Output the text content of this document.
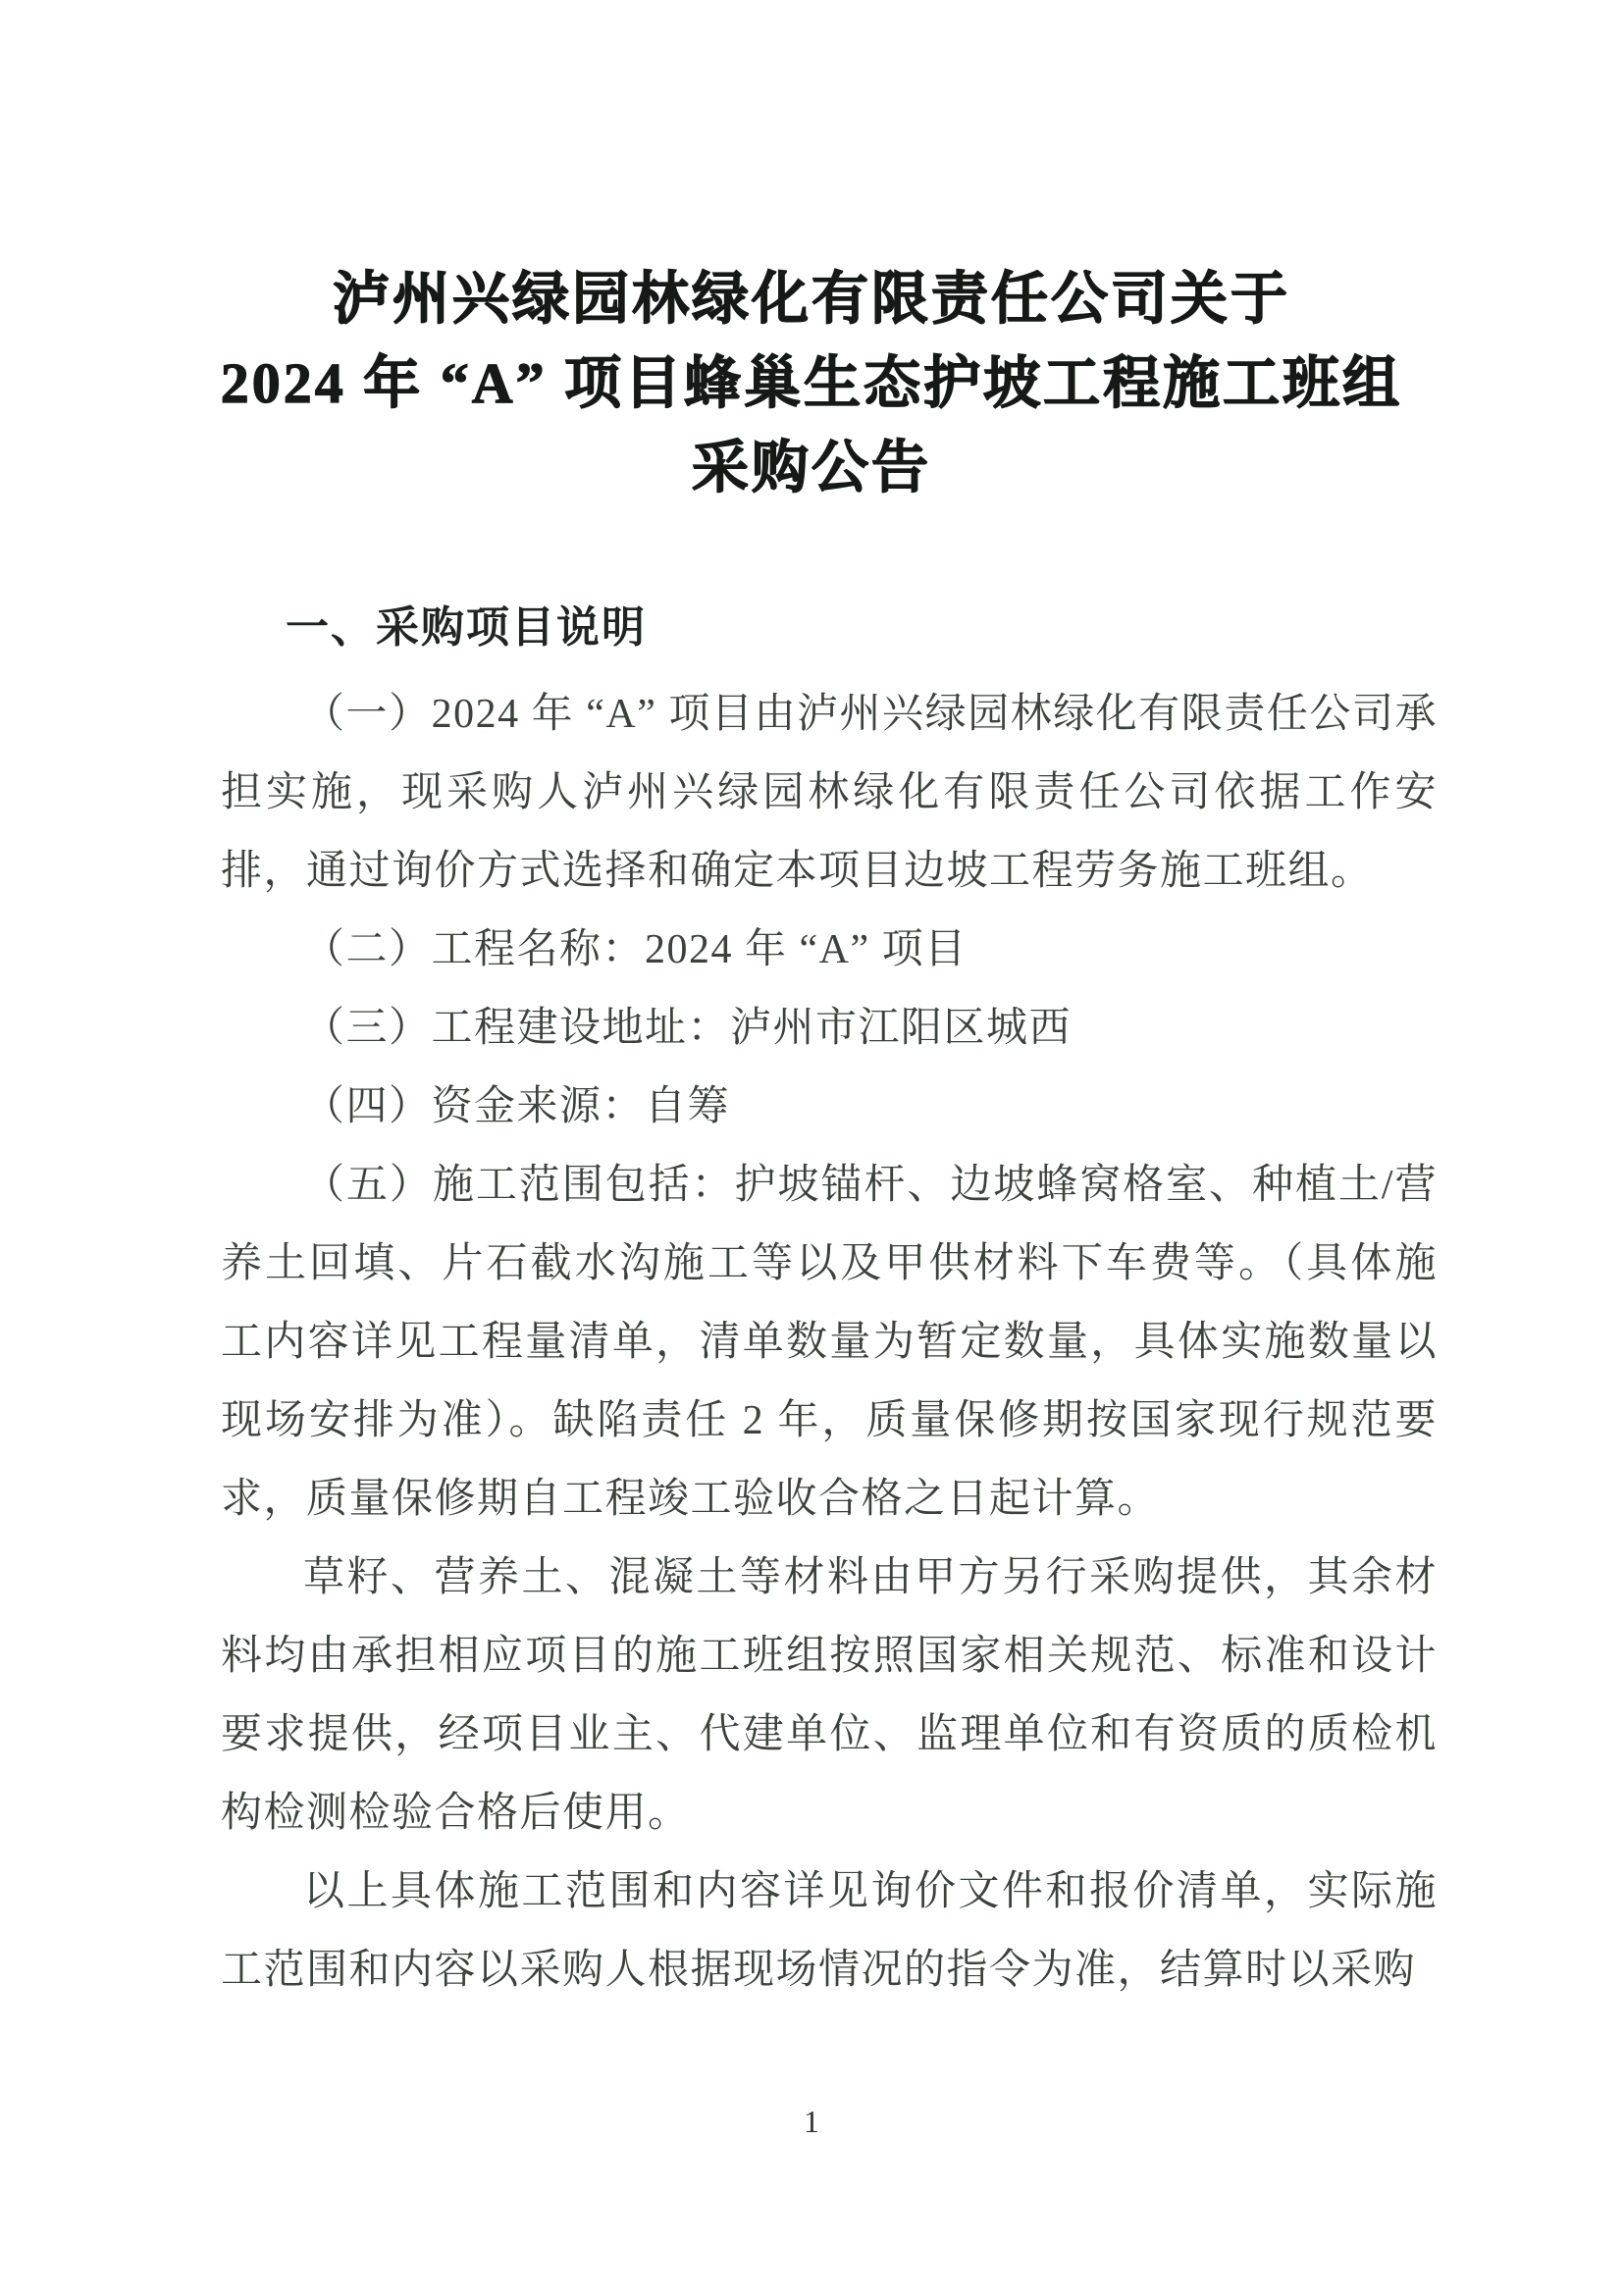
泸州兴绿园林绿化有限责任公司关于
2024 年 “A” 项目蜂巢生态护坡工程施工班组
采购公告
一、采购项目说明

（一）2024 年 “A” 项目由泸州兴绿园林绿化有限责任公司承担实施，现采购人泸州兴绿园林绿化有限责任公司依据工作安排，通过询价方式选择和确定本项目边坡工程劳务施工班组。

（二）工程名称：2024 年 “A” 项目

（三）工程建设地址：泸州市江阳区城西

（四）资金来源：自筹

（五）施工范围包括：护坡锚杆、边坡蜂窝格室、种植土/营养土回填、片石截水沟施工等以及甲供材料下车费等。（具体施工内容详见工程量清单，清单数量为暂定数量，具体实施数量以现场安排为准）。缺陷责任 2 年，质量保修期按国家现行规范要求，质量保修期自工程竣工验收合格之日起计算。

草籽、营养土、混凝土等材料由甲方另行采购提供，其余材料均由承担相应项目的施工班组按照国家相关规范、标准和设计要求提供，经项目业主、代建单位、监理单位和有资质的质检机构检测检验合格后使用。

以上具体施工范围和内容详见询价文件和报价清单，实际施工范围和内容以采购人根据现场情况的指令为准，结算时以采购

1
